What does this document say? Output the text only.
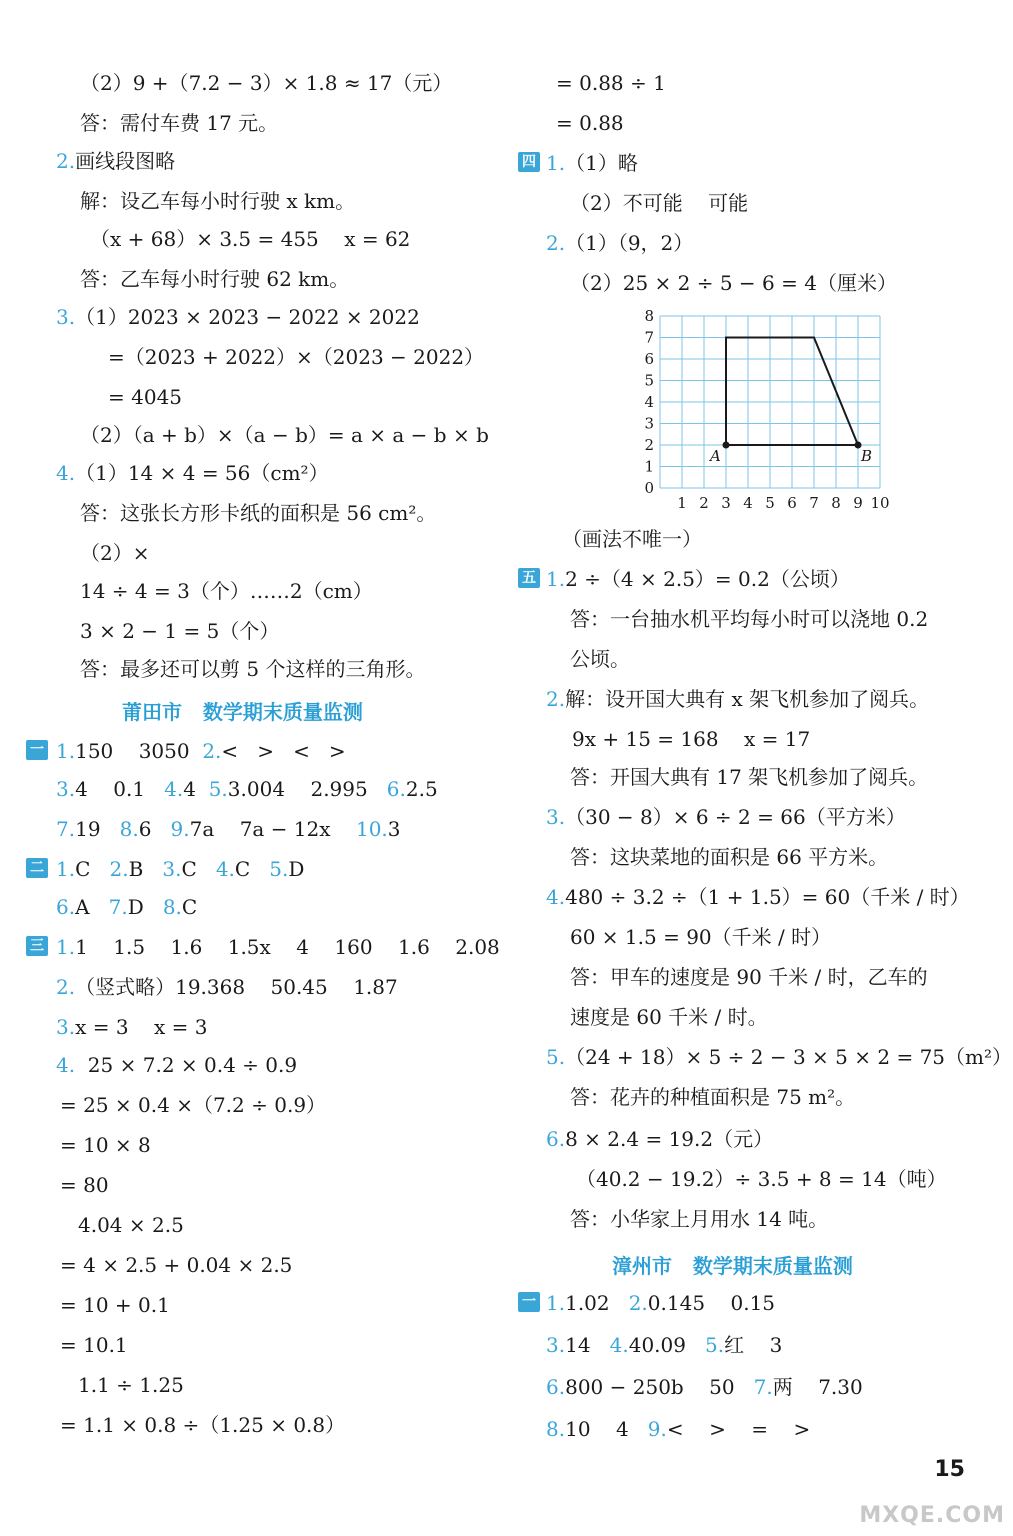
（2）9 +（7.2 − 3）× 1.8 ≈ 17（元）
答：需付车费 17 元。
2.画线段图略
解：设乙车每小时行驶 x km。
（x + 68）× 3.5 = 455    x = 62
答：乙车每小时行驶 62 km。
3.（1）2023 × 2023 − 2022 × 2022
=（2023 + 2022）×（2023 − 2022）
= 4045
（2）（a + b）×（a − b）= a × a − b × b
4.（1）14 × 4 = 56（cm²）
答：这张长方形卡纸的面积是 56 cm²。
（2）×
14 ÷ 4 = 3（个）……2（cm）
3 × 2 − 1 = 5（个）
答：最多还可以剪 5 个这样的三角形。
1.150    3050  2.<   >   <   >
3.4    0.1   4.4  5.3.004    2.995   6.2.5
7.19   8.6   9.7a    7a − 12x    10.3
1.C   2.B   3.C   4.C   5.D
6.A   7.D   8.C
1.1    1.5    1.6    1.5x    4    160    1.6    2.08
2.（竖式略）19.368    50.45    1.87
3.x = 3    x = 3
4.  25 × 7.2 × 0.4 ÷ 0.9
= 25 × 0.4 ×（7.2 ÷ 0.9）
= 10 × 8
= 80
4.04 × 2.5
= 4 × 2.5 + 0.04 × 2.5
= 10 + 0.1
= 10.1
1.1 ÷ 1.25
= 1.1 × 0.8 ÷（1.25 × 0.8）
= 0.88 ÷ 1
= 0.88
1.（1）略
（2）不可能    可能
2.（1）（9，2）
（2）25 × 2 ÷ 5 − 6 = 4（厘米）
（画法不唯一）
1.2 ÷（4 × 2.5）= 0.2（公顷）
答：一台抽水机平均每小时可以浇地 0.2
公顷。
2.解：设开国大典有 x 架飞机参加了阅兵。
9x + 15 = 168    x = 17
答：开国大典有 17 架飞机参加了阅兵。
3.（30 − 8）× 6 ÷ 2 = 66（平方米）
答：这块菜地的面积是 66 平方米。
4.480 ÷ 3.2 ÷（1 + 1.5）= 60（千米 / 时）
60 × 1.5 = 90（千米 / 时）
答：甲车的速度是 90 千米 / 时，乙车的
速度是 60 千米 / 时。
5.（24 + 18）× 5 ÷ 2 − 3 × 5 × 2 = 75（m²）
答：花卉的种植面积是 75 m²。
6.8 × 2.4 = 19.2（元）
（40.2 − 19.2）÷ 3.5 + 8 = 14（吨）
答：小华家上月用水 14 吨。
1.1.02   2.0.145    0.15
3.14   4.40.09   5.红    3
6.800 − 250b    50   7.两    7.30
8.10    4   9.<    >    =    >
一
二
三
四
五
一
莆田市   数学期末质量监测
漳州市   数学期末质量监测
1 2 3 4 5 6 7 8 9 10
0
1
2
3
4
5
6
7
8
A	B
15
MXQE.COM
